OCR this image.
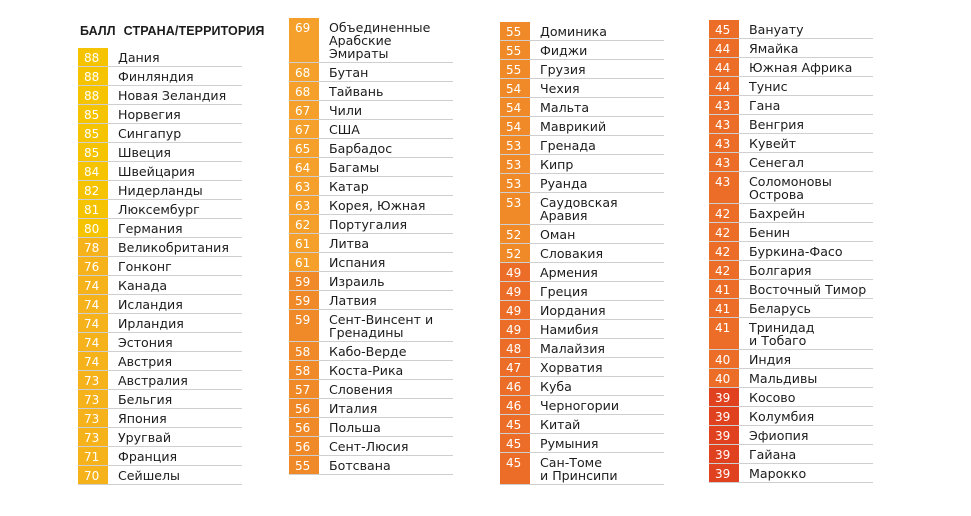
БАЛЛ СТРАНА/ТЕРРИТОРИЯ
88	Дания
88	Финляндия
88	Новая Зеландия
85	Норвегия
85	Сингапур
85	Швеция
84	Швейцария
82	Нидерланды
81	Люксембург
80	Германия
78	Великобритания
76	Гонконг
74	Канада
74	Исландия
74	Ирландия
74	Эстония
74	Австрия
73	Австралия
73	Бельгия
73	Япония
73	Уругвай
71	Франция
70	Сейшелы
69	Объединенные
Арабские
Эмираты
68	Бутан
68	Тайвань
67	Чили
67	США
65	Барбадос
64	Багамы
63	Катар
63	Корея, Южная
62	Португалия
61	Литва
61	Испания
59	Израиль
59	Латвия
59	Сент-Винсент и
Гренадины
58	Кабо-Верде
58	Коста-Рика
57	Словения
56	Италия
56	Польша
56	Сент-Люсия
55	Ботсвана
55	Доминика
55	Фиджи
55	Грузия
54	Чехия
54	Мальта
54	Маврикий
53	Гренада
53	Кипр
53	Руанда
53	Саудовская
Аравия
52	Оман
52	Словакия
49	Армения
49	Греция
49	Иордания
49	Намибия
48	Малайзия
47	Хорватия
46	Куба
46	Черногории
45	Китай
45	Румыния
45	Сан-Томе
и Принсипи
45	Вануату
44	Ямайка
44	Южная Африка
44	Тунис
43	Гана
43	Венгрия
43	Кувейт
43	Сенегал
43	Соломоновы
Острова
42	Бахрейн
42	Бенин
42	Буркина-Фасо
42	Болгария
41	Восточный Тимор
41	Беларусь
41	Тринидад
и Тобаго
40	Индия
40	Мальдивы
39	Косово
39	Колумбия
39	Эфиопия
39	Гайана
39	Марокко
